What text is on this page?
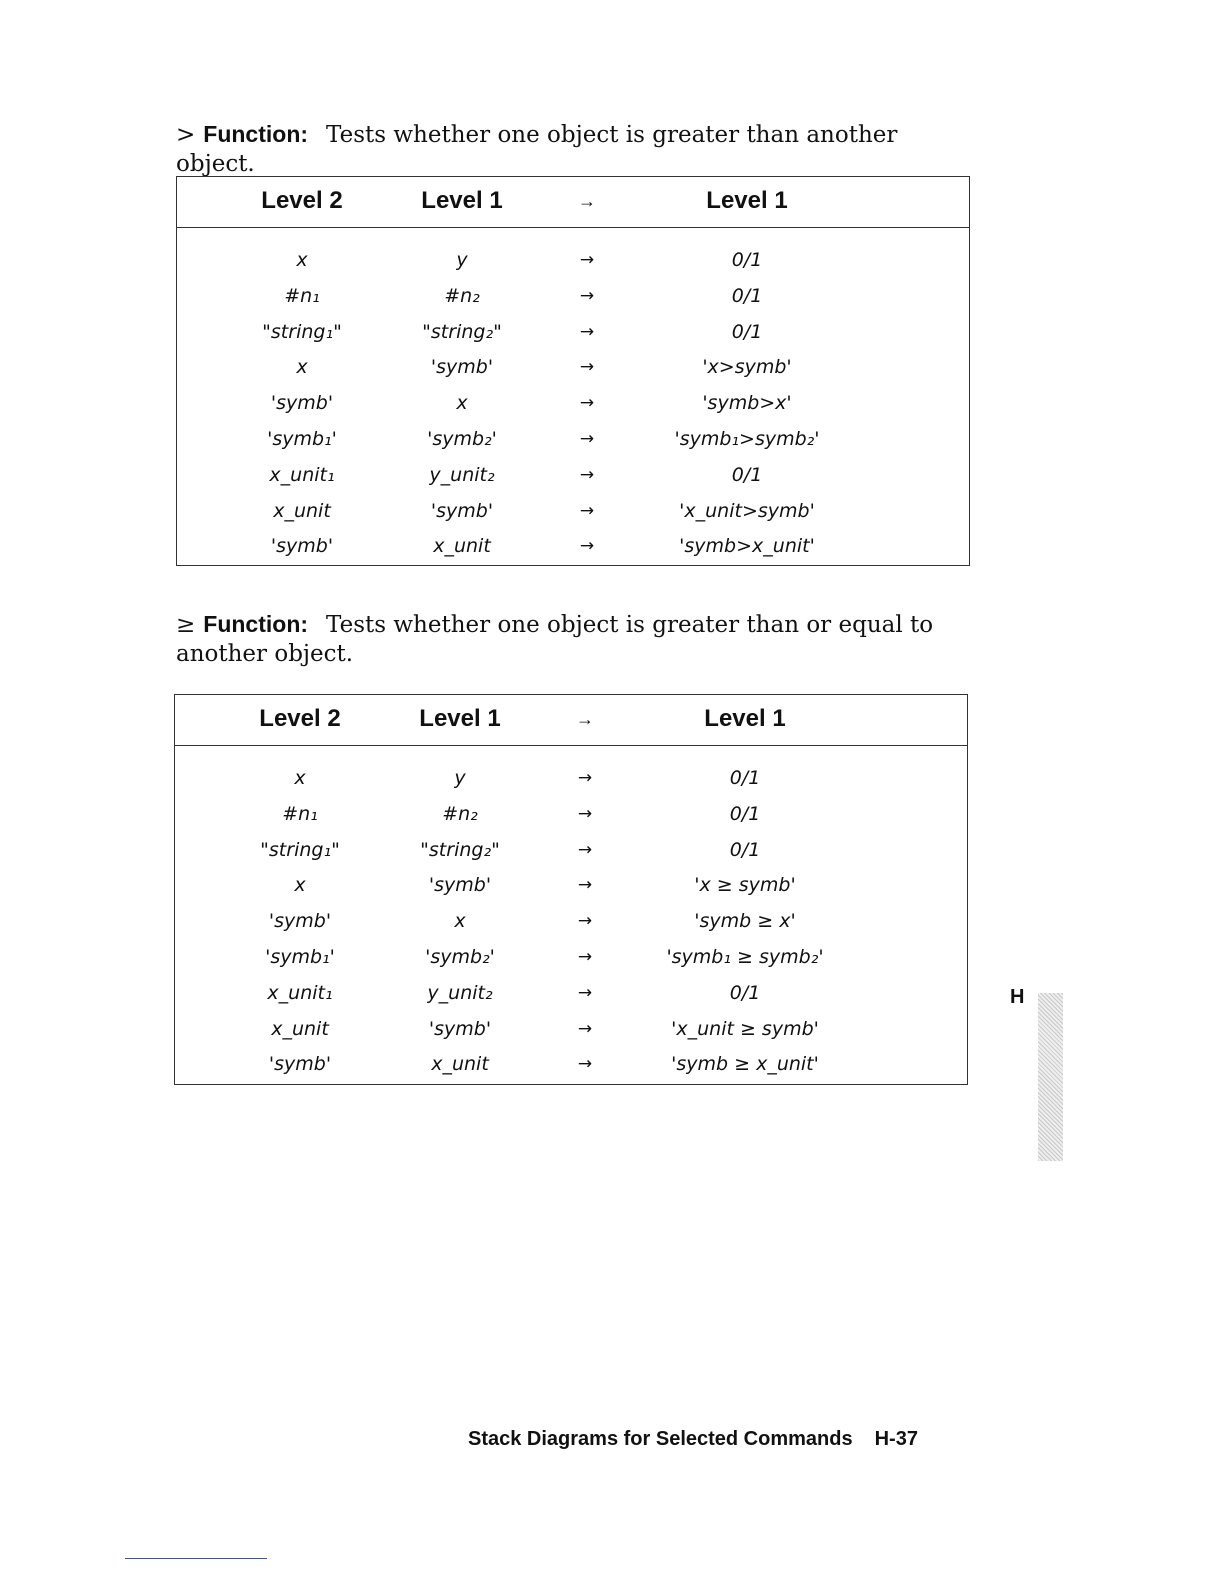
> Function: Tests whether one object is greater than another object.
Level 2	Level 1	→	Level 1
x	y	→	0/1
#n₁	#n₂	→	0/1
"string₁"	"string₂"	→	0/1
x	'symb'	→	'x>symb'
'symb'	x	→	'symb>x'
'symb₁'	'symb₂'	→	'symb₁>symb₂'
x_unit₁	y_unit₂	→	0/1
x_unit	'symb'	→	'x_unit>symb'
'symb'	x_unit	→	'symb>x_unit'
≥ Function: Tests whether one object is greater than or equal to another object.
Level 2	Level 1	→	Level 1
x	y	→	0/1
#n₁	#n₂	→	0/1
"string₁"	"string₂"	→	0/1
x	'symb'	→	'x ≥ symb'
'symb'	x	→	'symb ≥ x'
'symb₁'	'symb₂'	→	'symb₁ ≥ symb₂'
x_unit₁	y_unit₂	→	0/1
x_unit	'symb'	→	'x_unit ≥ symb'
'symb'	x_unit	→	'symb ≥ x_unit'
H
Stack Diagrams for Selected Commands H-37
